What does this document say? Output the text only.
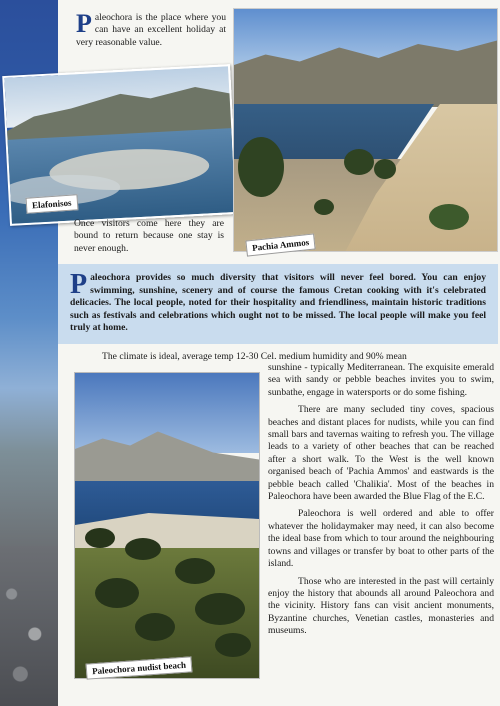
Paleochora is the place where you can have an excellent holiday at very reasonable value.
Elafonisos
Once visitors come here they are bound to return because one stay is never enough.	Pachia Ammos
Paleochora provides so much diversity that visitors will never feel bored. You can enjoy swimming, sunshine, scenery and of course the famous Cretan cooking with it's celebrated delicacies. The local people, noted for their hospitality and friendliness, maintain historic traditions such as festivals and celebrations which ought not to be missed. The local people will make you feel truly at home.
The climate is ideal, average temp 12-30 Cel. medium humidity and 90% mean
Paleochora nudist beach

sunshine - typically Mediterranean. The exquisite emerald sea with sandy or pebble beaches invites you to swim, sunbathe, engage in watersports or do some fishing.

There are many secluded tiny coves, spacious beaches and distant places for nudists, while you can find small bars and tavernas waiting to refresh you. The village leads to a variety of other beaches that can be reached after a short walk. To the West is the well known organised beach of 'Pachia Ammos' and eastwards is the pebble beach called 'Chalikia'. Most of the beaches in Paleochora have been awarded the Blue Flag of the E.C.

Paleochora is well ordered and able to offer whatever the holidaymaker may need, it can also become the ideal base from which to tour around the neighbouring towns and villages or transfer by boat to other parts of the island.

Those who are interested in the past will certainly enjoy the history that abounds all around Paleochora and the vicinity. History fans can visit ancient monuments, Byzantine churches, Venetian castles, monasteries and museums.
